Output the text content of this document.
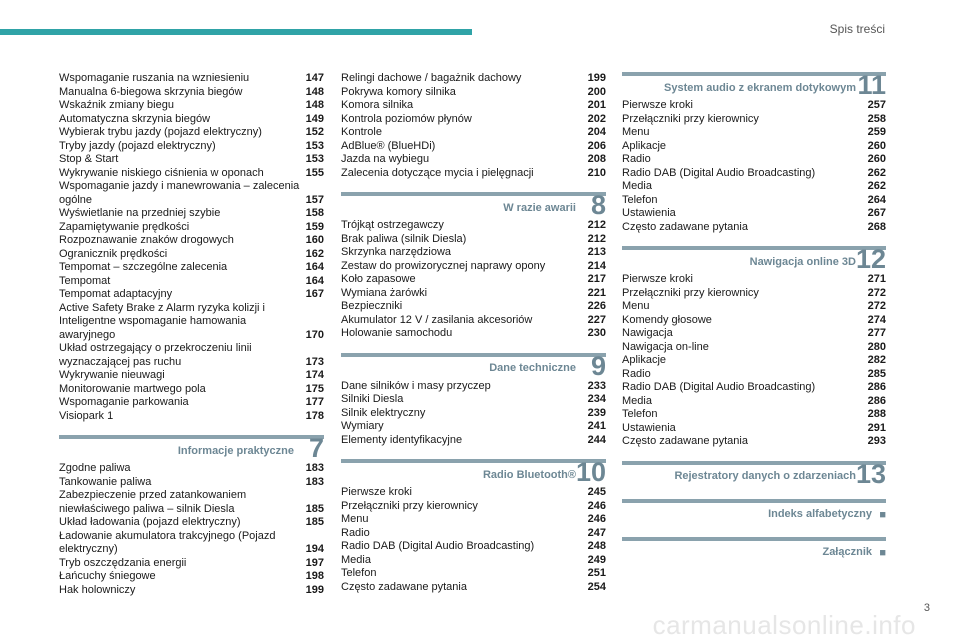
Spis treści
Wspomaganie ruszania na wzniesieniu	147
Manualna 6-biegowa skrzynia biegów	148
Wskaźnik zmiany biegu	148
Automatyczna skrzynia biegów	149
Wybierak trybu jazdy (pojazd elektryczny)	152
Tryby jazdy (pojazd elektryczny)	153
Stop & Start	153
Wykrywanie niskiego ciśnienia w oponach	155
Wspomaganie jazdy i manewrowania – zalecenia ogólne	157
Wyświetlanie na przedniej szybie	158
Zapamiętywanie prędkości	159
Rozpoznawanie znaków drogowych	160
Ogranicznik prędkości	162
Tempomat – szczególne zalecenia	164
Tempomat	164
Tempomat adaptacyjny	167
Active Safety Brake z Alarm ryzyka kolizji i Inteligentne wspomaganie hamowania awaryjnego	170
Układ ostrzegający o przekroczeniu linii wyznaczającej pas ruchu	173
Wykrywanie nieuwagi	174
Monitorowanie martwego pola	175
Wspomaganie parkowania	177
Visiopark 1	178
Informacje praktyczne 7
Zgodne paliwa	183
Tankowanie paliwa	183
Zabezpieczenie przed zatankowaniem niewłaściwego paliwa – silnik Diesla	185
Układ ładowania (pojazd elektryczny)	185
Ładowanie akumulatora trakcyjnego (Pojazd elektryczny)	194
Tryb oszczędzania energii	197
Łańcuchy śniegowe	198
Hak holowniczy	199
Relingi dachowe / bagażnik dachowy	199
Pokrywa komory silnika	200
Komora silnika	201
Kontrola poziomów płynów	202
Kontrole	204
AdBlue® (BlueHDi)	206
Jazda na wybiegu	208
Zalecenia dotyczące mycia i pielęgnacji	210
W razie awarii 8
Trójkąt ostrzegawczy	212
Brak paliwa (silnik Diesla)	212
Skrzynka narzędziowa	213
Zestaw do prowizorycznej naprawy opony	214
Koło zapasowe	217
Wymiana żarówki	221
Bezpieczniki	226
Akumulator 12 V / zasilania akcesoriów	227
Holowanie samochodu	230
Dane techniczne 9
Dane silników i masy przyczep	233
Silniki Diesla	234
Silnik elektryczny	239
Wymiary	241
Elementy identyfikacyjne	244
Radio Bluetooth® 10
Pierwsze kroki	245
Przełączniki przy kierownicy	246
Menu	246
Radio	247
Radio DAB (Digital Audio Broadcasting)	248
Media	249
Telefon	251
Często zadawane pytania	254
System audio z ekranem dotykowym 11
Pierwsze kroki	257
Przełączniki przy kierownicy	258
Menu	259
Aplikacje	260
Radio	260
Radio DAB (Digital Audio Broadcasting)	262
Media	262
Telefon	264
Ustawienia	267
Często zadawane pytania	268
Nawigacja online 3D 12
Pierwsze kroki	271
Przełączniki przy kierownicy	272
Menu	272
Komendy głosowe	274
Nawigacja	277
Nawigacja on-line	280
Aplikacje	282
Radio	285
Radio DAB (Digital Audio Broadcasting)	286
Media	286
Telefon	288
Ustawienia	291
Często zadawane pytania	293
Rejestratory danych o zdarzeniach 13
Indeks alfabetyczny ■
Załącznik ■
3
carmanualsonline.info
